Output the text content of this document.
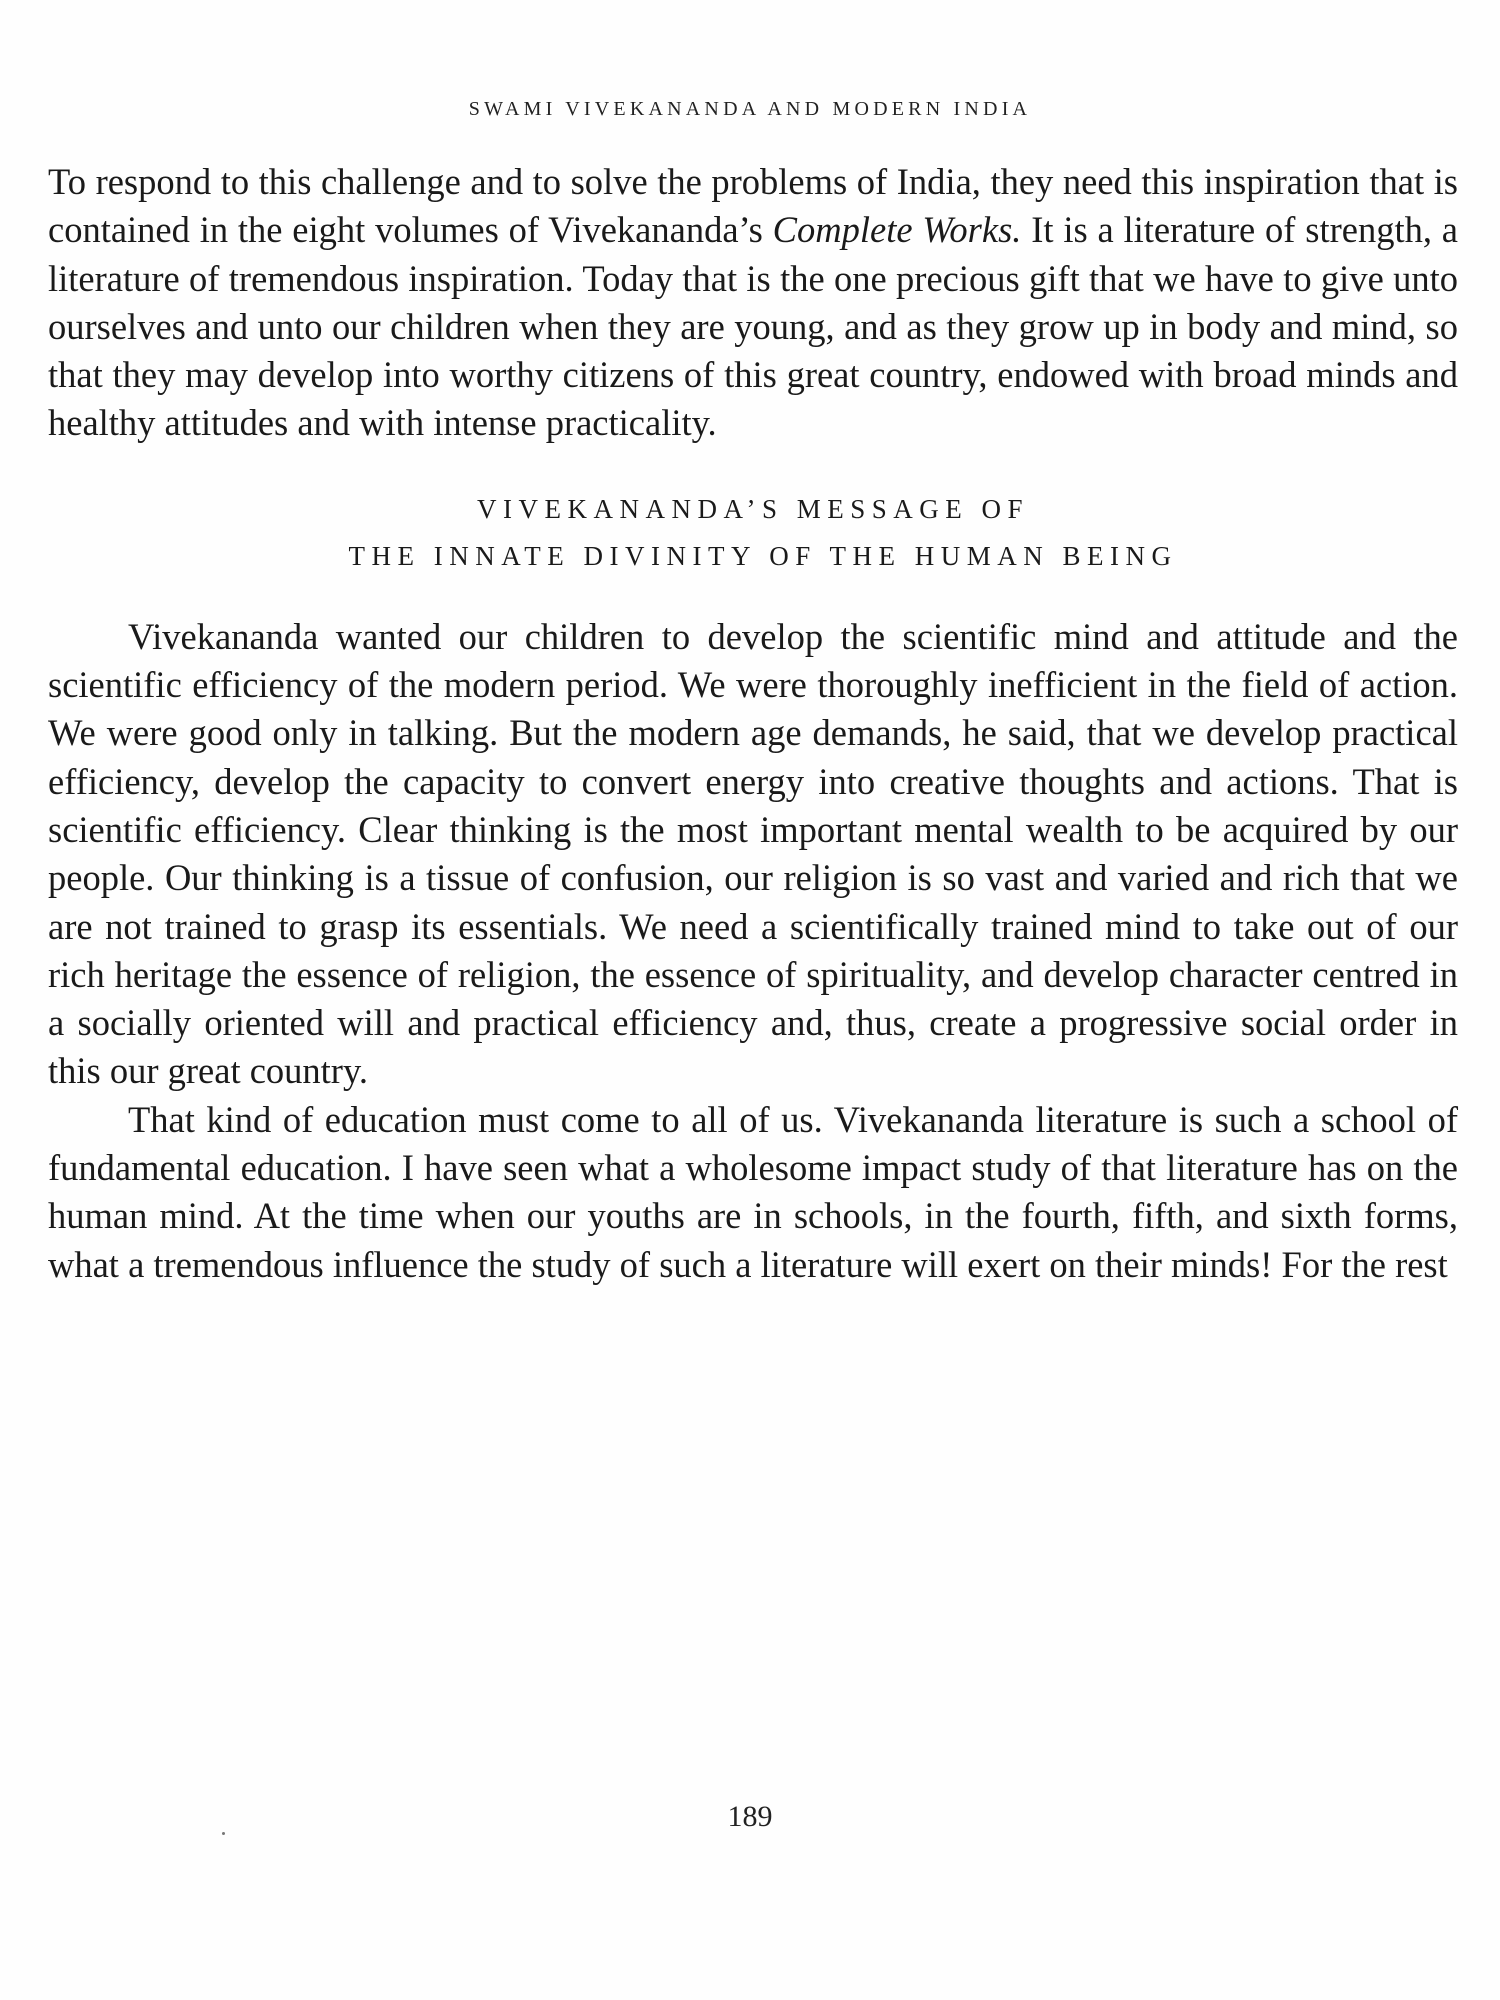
SWAMI VIVEKANANDA AND MODERN INDIA

To respond to this challenge and to solve the problems of India, they need this inspiration that is contained in the eight volumes of Vivekananda’s Complete Works. It is a literature of strength, a literature of tremendous inspiration. Today that is the one precious gift that we have to give unto ourselves and unto our children when they are young, and as they grow up in body and mind, so that they may develop into worthy citizens of this great country, endowed with broad minds and healthy attitudes and with intense practicality.

VIVEKANANDA’S MESSAGE OF
THE INNATE DIVINITY OF THE HUMAN BEING

Vivekananda wanted our children to develop the scientific mind and attitude and the scientific efficiency of the modern period. We were thoroughly inefficient in the field of action. We were good only in talking. But the modern age demands, he said, that we develop practical efficiency, develop the capacity to convert energy into creative thoughts and actions. That is scientific efficiency. Clear thinking is the most important mental wealth to be acquired by our people. Our thinking is a tissue of confusion, our religion is so vast and varied and rich that we are not trained to grasp its essentials. We need a scientifically trained mind to take out of our rich heritage the essence of religion, the essence of spirituality, and develop character centred in a socially oriented will and practical efficiency and, thus, create a progressive social order in this our great country.

That kind of education must come to all of us. Vivekananda literature is such a school of fundamental education. I have seen what a wholesome impact study of that literature has on the human mind. At the time when our youths are in schools, in the fourth, fifth, and sixth forms, what a tremendous influence the study of such a literature will exert on their minds! For the rest

189
